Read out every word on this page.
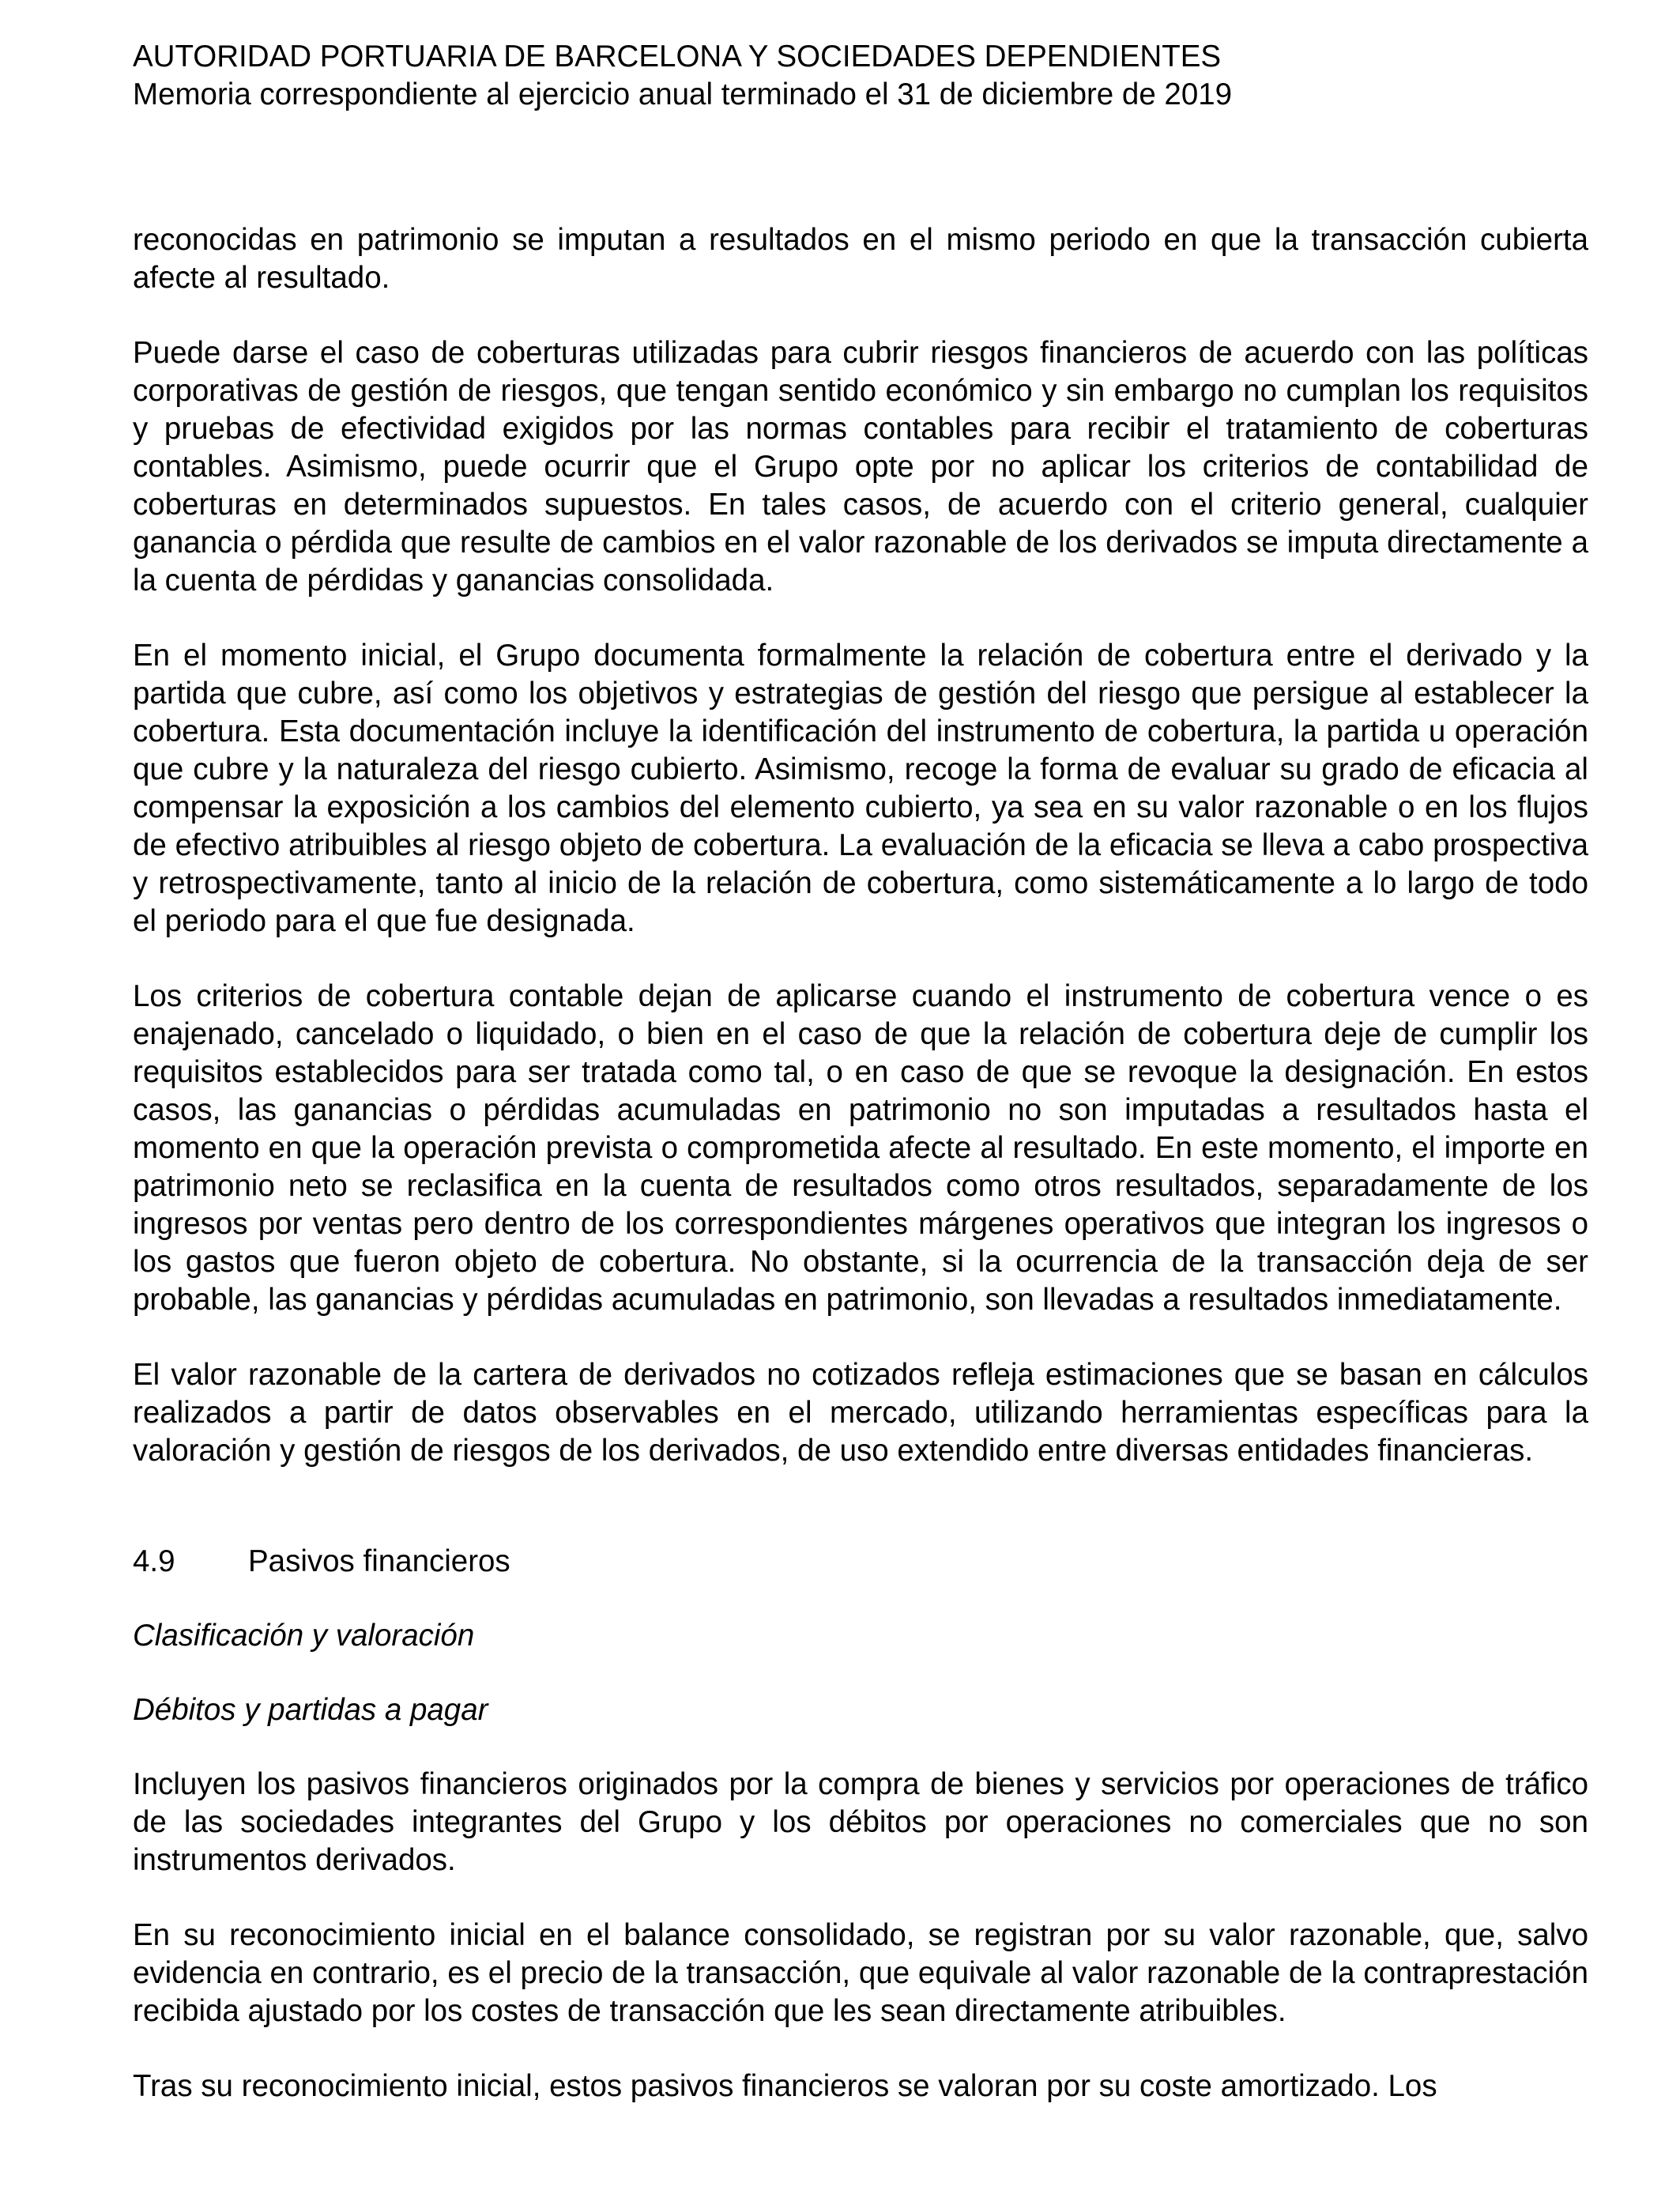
AUTORIDAD PORTUARIA DE BARCELONA Y SOCIEDADES DEPENDIENTES
Memoria correspondiente al ejercicio anual terminado el 31 de diciembre de 2019

reconocidas en patrimonio se imputan a resultados en el mismo periodo en que la transacción cubierta afecte al resultado.

Puede darse el caso de coberturas utilizadas para cubrir riesgos financieros de acuerdo con las políticas corporativas de gestión de riesgos, que tengan sentido económico y sin embargo no cumplan los requisitos y pruebas de efectividad exigidos por las normas contables para recibir el tratamiento de coberturas contables. Asimismo, puede ocurrir que el Grupo opte por no aplicar los criterios de contabilidad de coberturas en determinados supuestos. En tales casos, de acuerdo con el criterio general, cualquier ganancia o pérdida que resulte de cambios en el valor razonable de los derivados se imputa directamente a la cuenta de pérdidas y ganancias consolidada.

En el momento inicial, el Grupo documenta formalmente la relación de cobertura entre el derivado y la partida que cubre, así como los objetivos y estrategias de gestión del riesgo que persigue al establecer la cobertura. Esta documentación incluye la identificación del instrumento de cobertura, la partida u operación que cubre y la naturaleza del riesgo cubierto. Asimismo, recoge la forma de evaluar su grado de eficacia al compensar la exposición a los cambios del elemento cubierto, ya sea en su valor razonable o en los flujos de efectivo atribuibles al riesgo objeto de cobertura. La evaluación de la eficacia se lleva a cabo prospectiva y retrospectivamente, tanto al inicio de la relación de cobertura, como sistemáticamente a lo largo de todo el periodo para el que fue designada.

Los criterios de cobertura contable dejan de aplicarse cuando el instrumento de cobertura vence o es enajenado, cancelado o liquidado, o bien en el caso de que la relación de cobertura deje de cumplir los requisitos establecidos para ser tratada como tal, o en caso de que se revoque la designación. En estos casos, las ganancias o pérdidas acumuladas en patrimonio no son imputadas a resultados hasta el momento en que la operación prevista o comprometida afecte al resultado. En este momento, el importe en patrimonio neto se reclasifica en la cuenta de resultados como otros resultados, separadamente de los ingresos por ventas pero dentro de los correspondientes márgenes operativos que integran los ingresos o los gastos que fueron objeto de cobertura. No obstante, si la ocurrencia de la transacción deja de ser probable, las ganancias y pérdidas acumuladas en patrimonio, son llevadas a resultados inmediatamente.

El valor razonable de la cartera de derivados no cotizados refleja estimaciones que se basan en cálculos realizados a partir de datos observables en el mercado, utilizando herramientas específicas para la valoración y gestión de riesgos de los derivados, de uso extendido entre diversas entidades financieras.

4.9	Pasivos financieros
Clasificación y valoración
Débitos y partidas a pagar

Incluyen los pasivos financieros originados por la compra de bienes y servicios por operaciones de tráfico de las sociedades integrantes del Grupo y los débitos por operaciones no comerciales que no son instrumentos derivados.

En su reconocimiento inicial en el balance consolidado, se registran por su valor razonable, que, salvo evidencia en contrario, es el precio de la transacción, que equivale al valor razonable de la contraprestación recibida ajustado por los costes de transacción que les sean directamente atribuibles.

Tras su reconocimiento inicial, estos pasivos financieros se valoran por su coste amortizado. Los
